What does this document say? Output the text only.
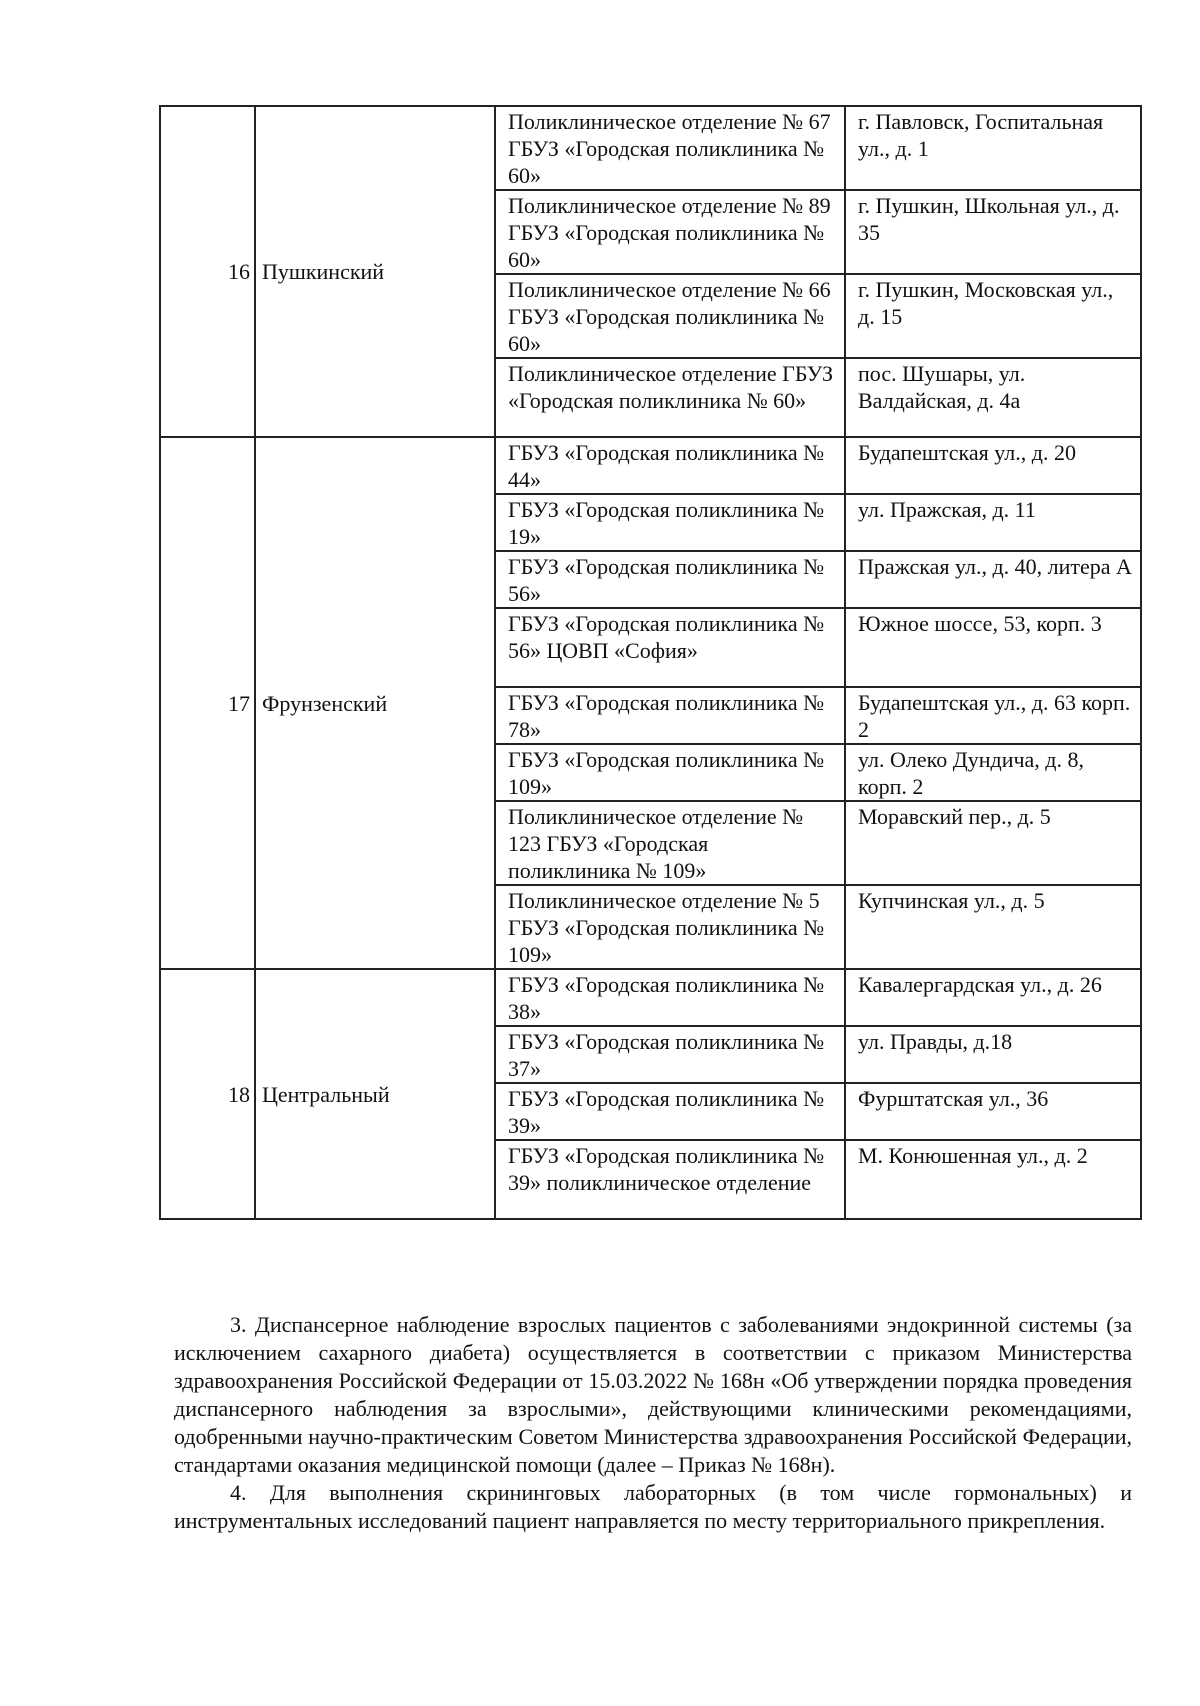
16	Пушкинский	Поликлиническое отделение № 67 ГБУЗ «Городская поликлиника № 60»	г. Павловск, Госпитальная ул., д. 1
		Поликлиническое отделение № 89 ГБУЗ «Городская поликлиника № 60»	г. Пушкин, Школьная ул., д. 35
		Поликлиническое отделение № 66 ГБУЗ «Городская поликлиника № 60»	г. Пушкин, Московская ул., д. 15
		Поликлиническое отделение ГБУЗ «Городская поликлиника № 60»	пос. Шушары, ул. Валдайская, д. 4а
17	Фрунзенский	ГБУЗ «Городская поликлиника № 44»	Будапештская ул., д. 20
		ГБУЗ «Городская поликлиника № 19»	ул. Пражская, д. 11
		ГБУЗ «Городская поликлиника № 56»	Пражская ул., д. 40, литера А
		ГБУЗ «Городская поликлиника № 56» ЦОВП «София»	Южное шоссе, 53, корп. 3
		ГБУЗ «Городская поликлиника № 78»	Будапештская ул., д. 63 корп. 2
		ГБУЗ «Городская поликлиника № 109»	ул. Олеко Дундича, д. 8, корп. 2
		Поликлиническое отделение № 123 ГБУЗ «Городская поликлиника № 109»	Моравский пер., д. 5
		Поликлиническое отделение № 5 ГБУЗ «Городская поликлиника № 109»	Купчинская ул., д. 5
18	Центральный	ГБУЗ «Городская поликлиника № 38»	Кавалергардская ул., д. 26
		ГБУЗ «Городская поликлиника № 37»	ул. Правды, д.18
		ГБУЗ «Городская поликлиника № 39»	Фурштатская ул., 36
		ГБУЗ «Городская поликлиника № 39» поликлиническое отделение	М. Конюшенная ул., д. 2

3. Диспансерное наблюдение взрослых пациентов с заболеваниями эндокринной системы (за исключением сахарного диабета) осуществляется в соответствии с приказом Министерства здравоохранения Российской Федерации от 15.03.2022 № 168н «Об утверждении порядка проведения диспансерного наблюдения за взрослыми», действующими клиническими рекомендациями, одобренными научно-практическим Советом Министерства здравоохранения Российской Федерации, стандартами оказания медицинской помощи (далее – Приказ № 168н).

4. Для выполнения скрининговых лабораторных (в том числе гормональных) и инструментальных исследований пациент направляется по месту территориального прикрепления.
